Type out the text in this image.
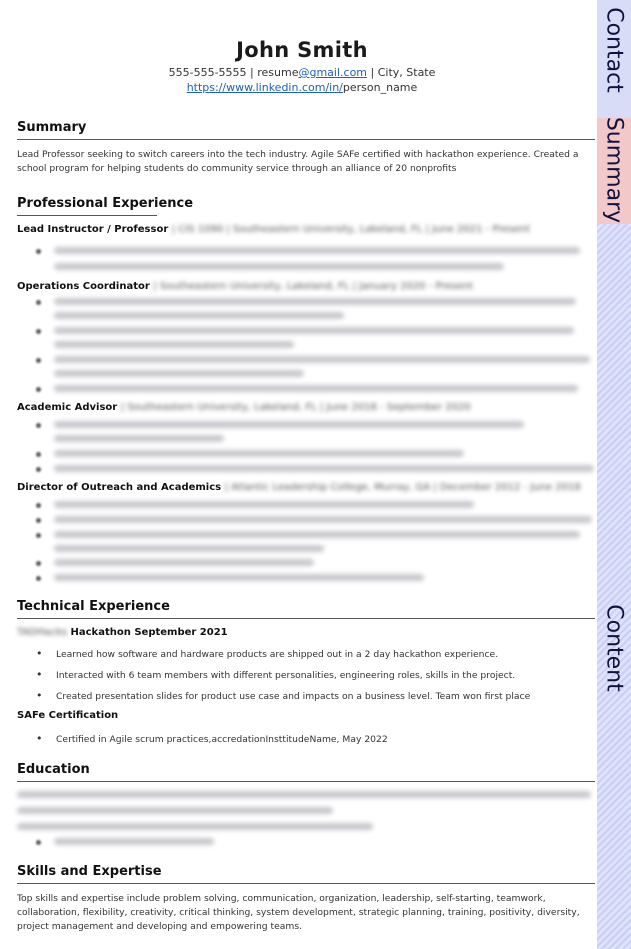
John Smith
555-555-5555 | resume@gmail.com | City, State
https://www.linkedin.com/in/person_name
Summary
Lead Professor seeking to switch careers into the tech industry. Agile SAFe certified with hackathon experience. Created a school program for helping students do community service through an alliance of 20 nonprofits
Professional Experience
Lead Instructor / Professor | CIS 1090 | Southeastern University, Lakeland, FL | June 2021 - Present
Operations Coordinator | Southeastern University, Lakeland, FL | January 2020 - Present
Academic Advisor | Southeastern University, Lakeland, FL | June 2018 - September 2020
Director of Outreach and Academics | Atlantic Leadership College, Murray, GA | December 2012 - June 2018
Technical Experience
TADHacks Hackathon September 2021
• Learned how software and hardware products are shipped out in a 2 day hackathon experience.
• Interacted with 6 team members with different personalities, engineering roles, skills in the project.
• Created presentation slides for product use case and impacts on a business level. Team won first place
SAFe Certification
• Certified in Agile scrum practices,accredationInsttitudeName, May 2022
Education
Skills and Expertise
Top skills and expertise include problem solving, communication, organization, leadership, self-starting, teamwork, collaboration, flexibility, creativity, critical thinking, system development, strategic planning, training, positivity, diversity, project management and developing and empowering teams.
Contact
Summary
Content
